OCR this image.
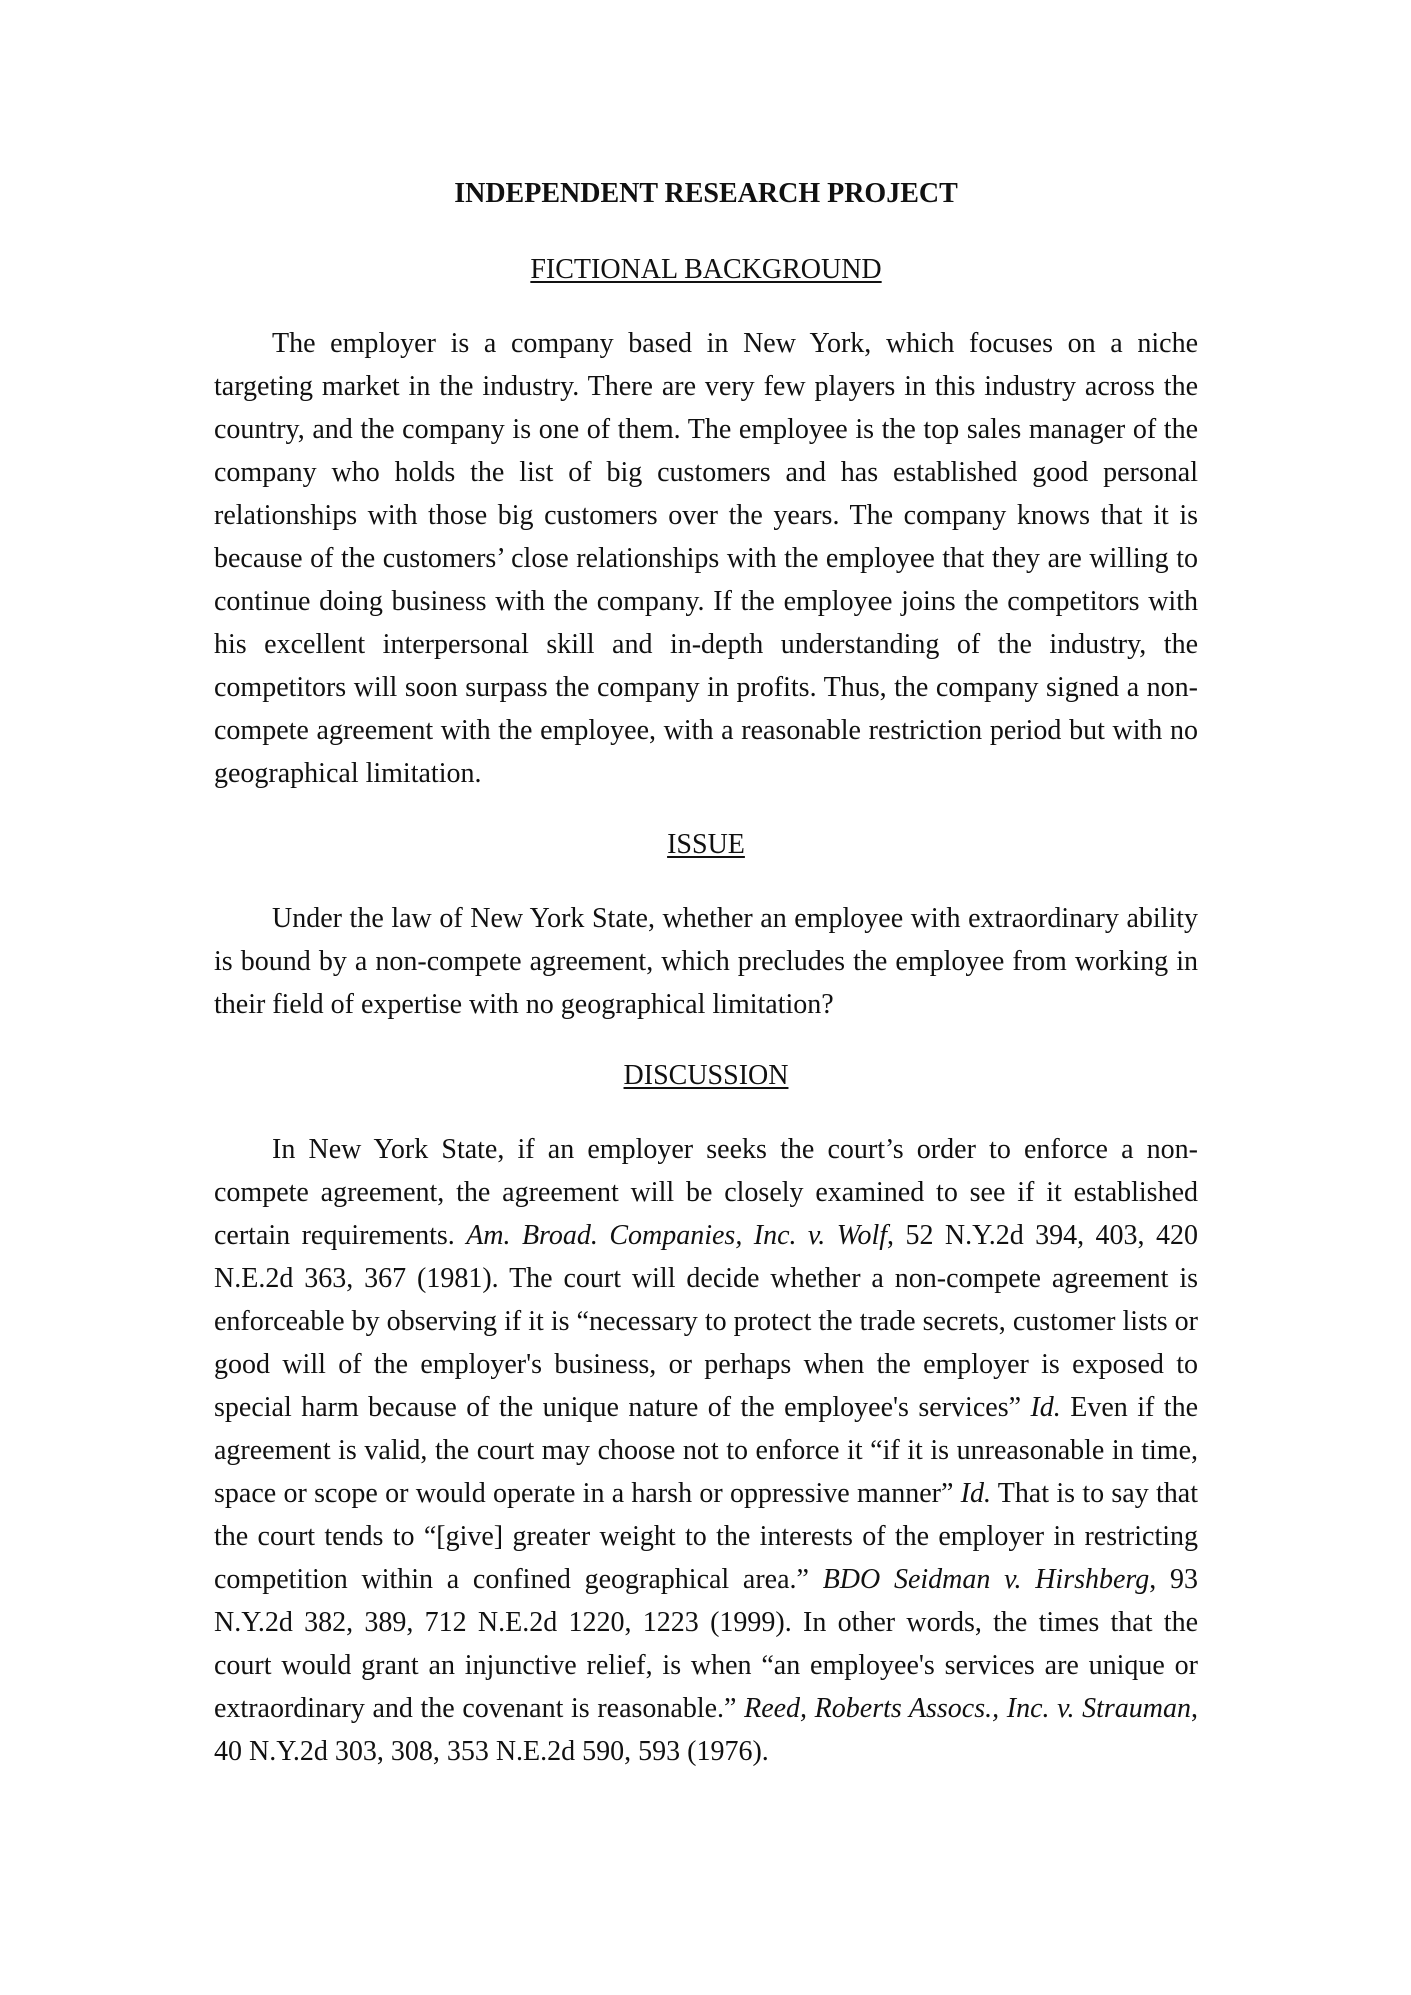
INDEPENDENT RESEARCH PROJECT
FICTIONAL BACKGROUND

The employer is a company based in New York, which focuses on a niche targeting market in the industry. There are very few players in this industry across the country, and the company is one of them. The employee is the top sales manager of the company who holds the list of big customers and has established good personal relationships with those big customers over the years. The company knows that it is because of the customers’ close relationships with the employee that they are willing to continue doing business with the company. If the employee joins the competitors with his excellent interpersonal skill and in-depth understanding of the industry, the competitors will soon surpass the company in profits. Thus, the company signed a non-compete agreement with the employee, with a reasonable restriction period but with no geographical limitation.

ISSUE

Under the law of New York State, whether an employee with extraordinary ability is bound by a non-compete agreement, which precludes the employee from working in their field of expertise with no geographical limitation?

DISCUSSION

In New York State, if an employer seeks the court’s order to enforce a non-compete agreement, the agreement will be closely examined to see if it established certain requirements. Am. Broad. Companies, Inc. v. Wolf, 52 N.Y.2d 394, 403, 420 N.E.2d 363, 367 (1981). The court will decide whether a non-compete agreement is enforceable by observing if it is “necessary to protect the trade secrets, customer lists or good will of the employer's business, or perhaps when the employer is exposed to special harm because of the unique nature of the employee's services” Id. Even if the agreement is valid, the court may choose not to enforce it “if it is unreasonable in time, space or scope or would operate in a harsh or oppressive manner” Id. That is to say that the court tends to “[give] greater weight to the interests of the employer in restricting competition within a confined geographical area.” BDO Seidman v. Hirshberg, 93 N.Y.2d 382, 389, 712 N.E.2d 1220, 1223 (1999). In other words, the times that the court would grant an injunctive relief, is when “an employee's services are unique or extraordinary and the covenant is reasonable.” Reed, Roberts Assocs., Inc. v. Strauman, 40 N.Y.2d 303, 308, 353 N.E.2d 590, 593 (1976).
